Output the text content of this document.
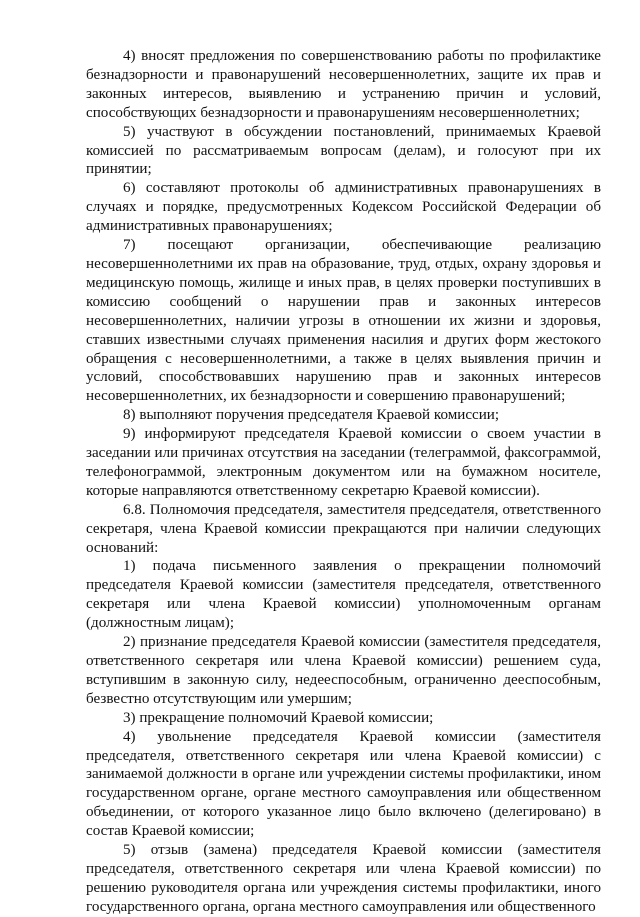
4) вносят предложения по совершенствованию работы по профилактике безнадзорности и правонарушений несовершеннолетних, защите их прав и законных интересов, выявлению и устранению причин и условий, способствующих безнадзорности и правонарушениям несовершеннолетних;

5) участвуют в обсуждении постановлений, принимаемых Краевой комиссией по рассматриваемым вопросам (делам), и голосуют при их принятии;

6) составляют протоколы об административных правонарушениях в случаях и порядке, предусмотренных Кодексом Российской Федерации об административных правонарушениях;

7) посещают организации, обеспечивающие реализацию несовершеннолетними их прав на образование, труд, отдых, охрану здоровья и медицинскую помощь, жилище и иных прав, в целях проверки поступивших в комиссию сообщений о нарушении прав и законных интересов несовершеннолетних, наличии угрозы в отношении их жизни и здоровья, ставших известными случаях применения насилия и других форм жестокого обращения с несовершеннолетними, а также в целях выявления причин и условий, способствовавших нарушению прав и законных интересов несовершеннолетних, их безнадзорности и совершению правонарушений;

8) выполняют поручения председателя Краевой комиссии;

9) информируют председателя Краевой комиссии о своем участии в заседании или причинах отсутствия на заседании (телеграммой, факсограммой, телефонограммой, электронным документом или на бумажном носителе, которые направляются ответственному секретарю Краевой комиссии).

6.8. Полномочия председателя, заместителя председателя, ответственного секретаря, члена Краевой комиссии прекращаются при наличии следующих оснований:

1) подача письменного заявления о прекращении полномочий председателя Краевой комиссии (заместителя председателя, ответственного секретаря или члена Краевой комиссии) уполномоченным органам (должностным лицам);

2) признание председателя Краевой комиссии (заместителя председателя, ответственного секретаря или члена Краевой комиссии) решением суда, вступившим в законную силу, недееспособным, ограниченно дееспособным, безвестно отсутствующим или умершим;

3) прекращение полномочий Краевой комиссии;

4) увольнение председателя Краевой комиссии (заместителя председателя, ответственного секретаря или члена Краевой комиссии) с занимаемой должности в органе или учреждении системы профилактики, ином государственном органе, органе местного самоуправления или общественном объединении, от которого указанное лицо было включено (делегировано) в состав Краевой комиссии;

5) отзыв (замена) председателя Краевой комиссии (заместителя председателя, ответственного секретаря или члена Краевой комиссии) по решению руководителя органа или учреждения системы профилактики, иного государственного органа, органа местного самоуправления или общественного
